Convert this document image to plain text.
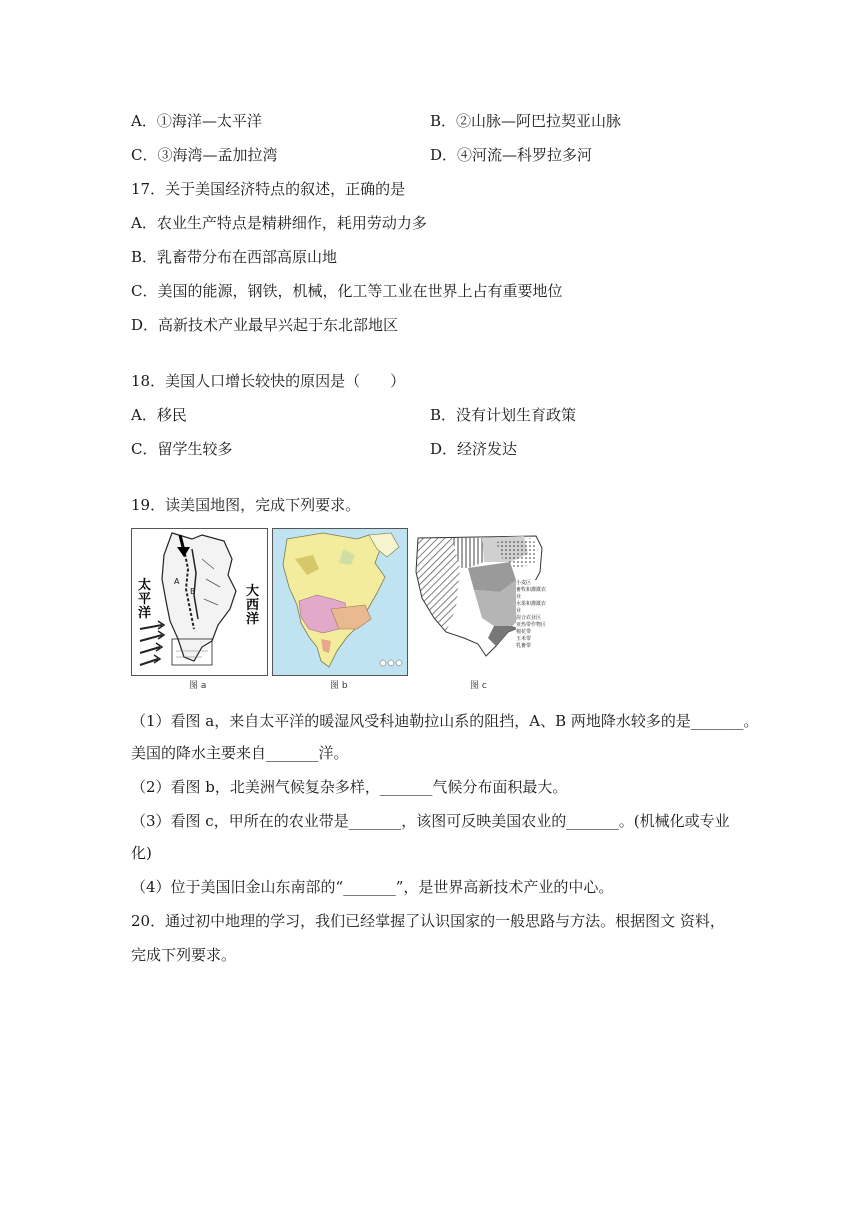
A．①海洋—太平洋	B．②山脉—阿巴拉契亚山脉
C．③海湾—孟加拉湾	D．④河流—科罗拉多河
17．关于美国经济特点的叙述，正确的是
A．农业生产特点是精耕细作，耗用劳动力多
B．乳畜带分布在西部高原山地
C．美国的能源，钢铁，机械，化工等工业在世界上占有重要地位
D．高新技术产业最早兴起于东北部地区
18．美国人口增长较快的原因是（　　）
A．移民	B．没有计划生育政策
C．留学生较多	D．经济发达
19．读美国地图，完成下列要求。
太
平
洋
大
西
洋
A
B
图 a	图 b
小麦区
畜牧和灌溉农业
水果和灌溉农业
混合农业区
亚热带作物区
棉花带
玉米带
乳畜带
图 c
（1）看图 a，来自太平洋的暖湿风受科迪勒拉山系的阻挡，A、B 两地降水较多的是_______。
美国的降水主要来自_______洋。
（2）看图 b，北美洲气候复杂多样，_______气候分布面积最大。
（3）看图 c，甲所在的农业带是_______，该图可反映美国农业的_______。(机械化或专业
化)
（4）位于美国旧金山东南部的“_______”，是世界高新技术产业的中心。
20．通过初中地理的学习，我们已经掌握了认识国家的一般思路与方法。根据图文 资料，
完成下列要求。
